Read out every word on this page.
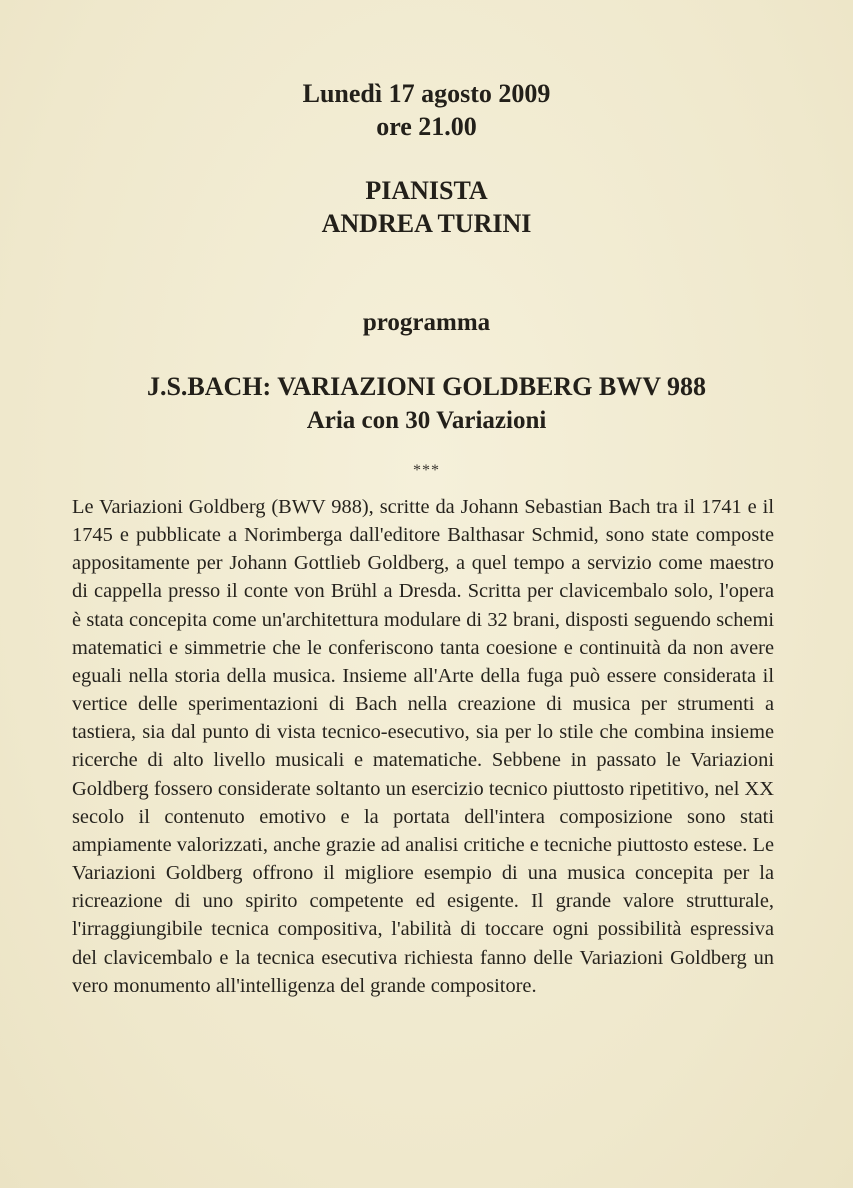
Lunedì 17 agosto 2009
ore 21.00
PIANISTA
ANDREA TURINI
programma
J.S.BACH: VARIAZIONI GOLDBERG BWV 988
Aria con 30 Variazioni
***

Le Variazioni Goldberg (BWV 988), scritte da Johann Sebastian Bach tra il 1741 e il 1745 e pubblicate a Norimberga dall'editore Balthasar Schmid, sono state composte appositamente per Johann Gottlieb Goldberg, a quel tempo a servizio come maestro di cappella presso il conte von Brühl a Dresda. Scritta per clavicembalo solo, l'opera è stata concepita come un'architettura modulare di 32 brani, disposti seguendo schemi matematici e simmetrie che le conferiscono tanta coesione e continuità da non avere eguali nella storia della musica. Insieme all'Arte della fuga può essere considerata il vertice delle sperimentazioni di Bach nella creazione di musica per strumenti a tastiera, sia dal punto di vista tecnico-esecutivo, sia per lo stile che combina insieme ricerche di alto livello musicali e matematiche. Sebbene in passato le Variazioni Goldberg fossero considerate soltanto un esercizio tecnico piuttosto ripetitivo, nel XX secolo il contenuto emotivo e la portata dell'intera composizione sono stati ampiamente valorizzati, anche grazie ad analisi critiche e tecniche piuttosto estese. Le Variazioni Goldberg offrono il migliore esempio di una musica concepita per la ricreazione di uno spirito competente ed esigente. Il grande valore strutturale, l'irraggiungibile tecnica compositiva, l'abilità di toccare ogni possibilità espressiva del clavicembalo e la tecnica esecutiva richiesta fanno delle Variazioni Goldberg un vero monumento all'intelligenza del grande compositore.
